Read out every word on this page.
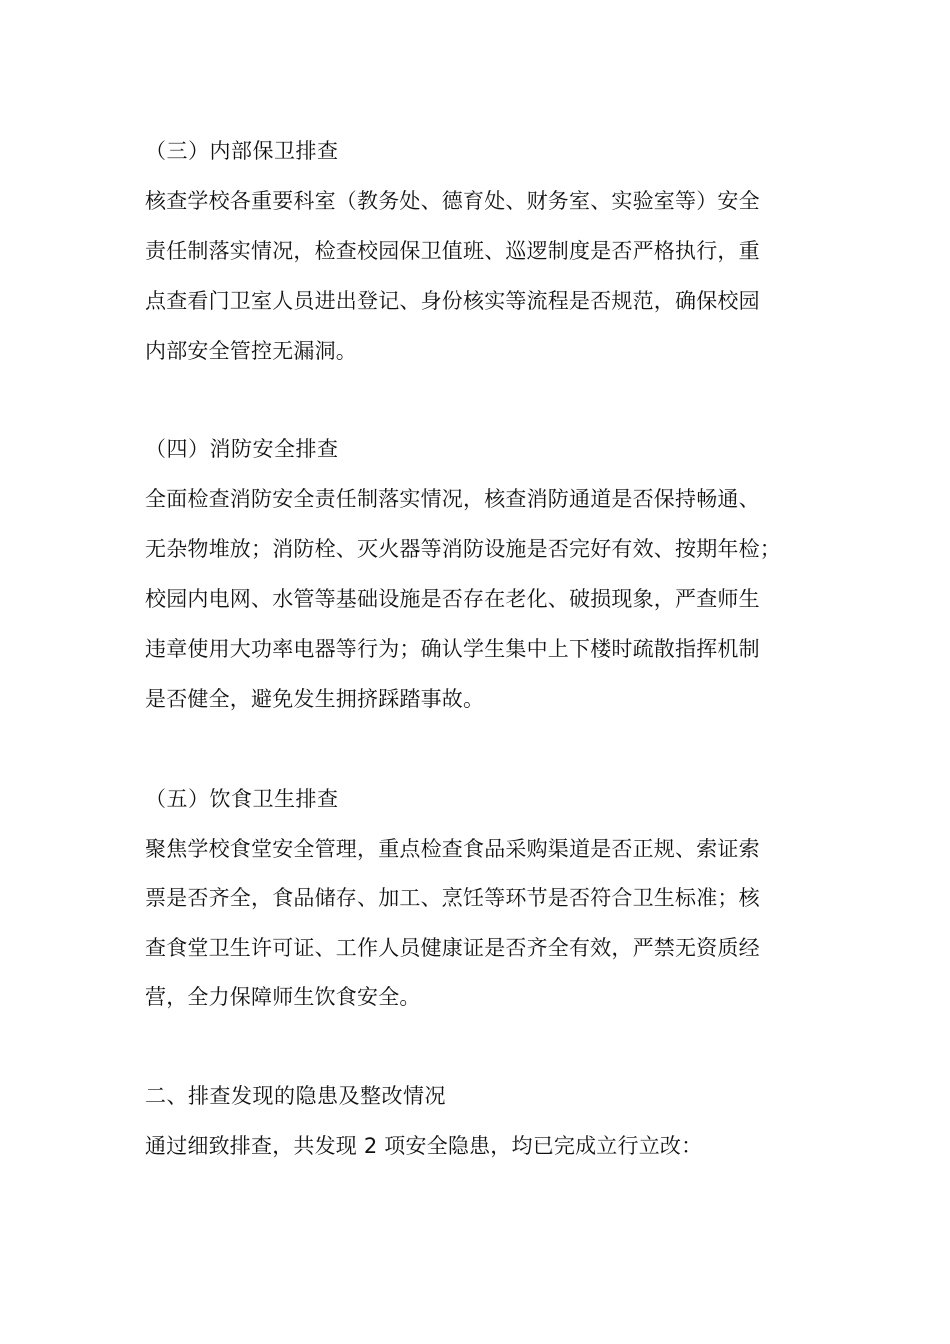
（三）内部保卫排查
核查学校各重要科室（教务处、德育处、财务室、实验室等）安全
责任制落实情况，检查校园保卫值班、巡逻制度是否严格执行，重
点查看门卫室人员进出登记、身份核实等流程是否规范，确保校园
内部安全管控无漏洞。
（四）消防安全排查
全面检查消防安全责任制落实情况，核查消防通道是否保持畅通、
无杂物堆放；消防栓、灭火器等消防设施是否完好有效、按期年检；
校园内电网、水管等基础设施是否存在老化、破损现象，严查师生
违章使用大功率电器等行为；确认学生集中上下楼时疏散指挥机制
是否健全，避免发生拥挤踩踏事故。
（五）饮食卫生排查
聚焦学校食堂安全管理，重点检查食品采购渠道是否正规、索证索
票是否齐全，食品储存、加工、烹饪等环节是否符合卫生标准；核
查食堂卫生许可证、工作人员健康证是否齐全有效，严禁无资质经
营，全力保障师生饮食安全。
二、排查发现的隐患及整改情况
通过细致排查，共发现 2 项安全隐患，均已完成立行立改：
